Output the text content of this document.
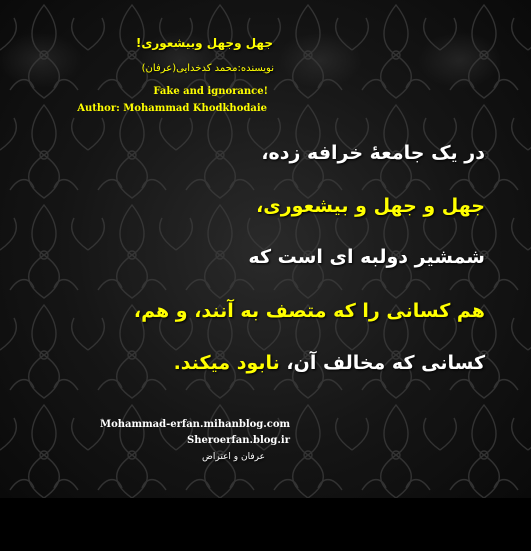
جهل وجهل وبیشعوری!
نویسنده:محمد کدخدایی(عرفان)
Fake and ignorance!
Author: Mohammad Khodkhodaie
در یک جامعهٔ خرافه زده،
جهل و جهل و بیشعوری،
شمشیر دولبه ای است که
هم کسانی را که متصف به آنند، و هم،
کسانی که مخالف آن، نابود میکند.
Mohammad-erfan.mihanblog.com
Sheroerfan.blog.ir
عرفان و اعتراض
